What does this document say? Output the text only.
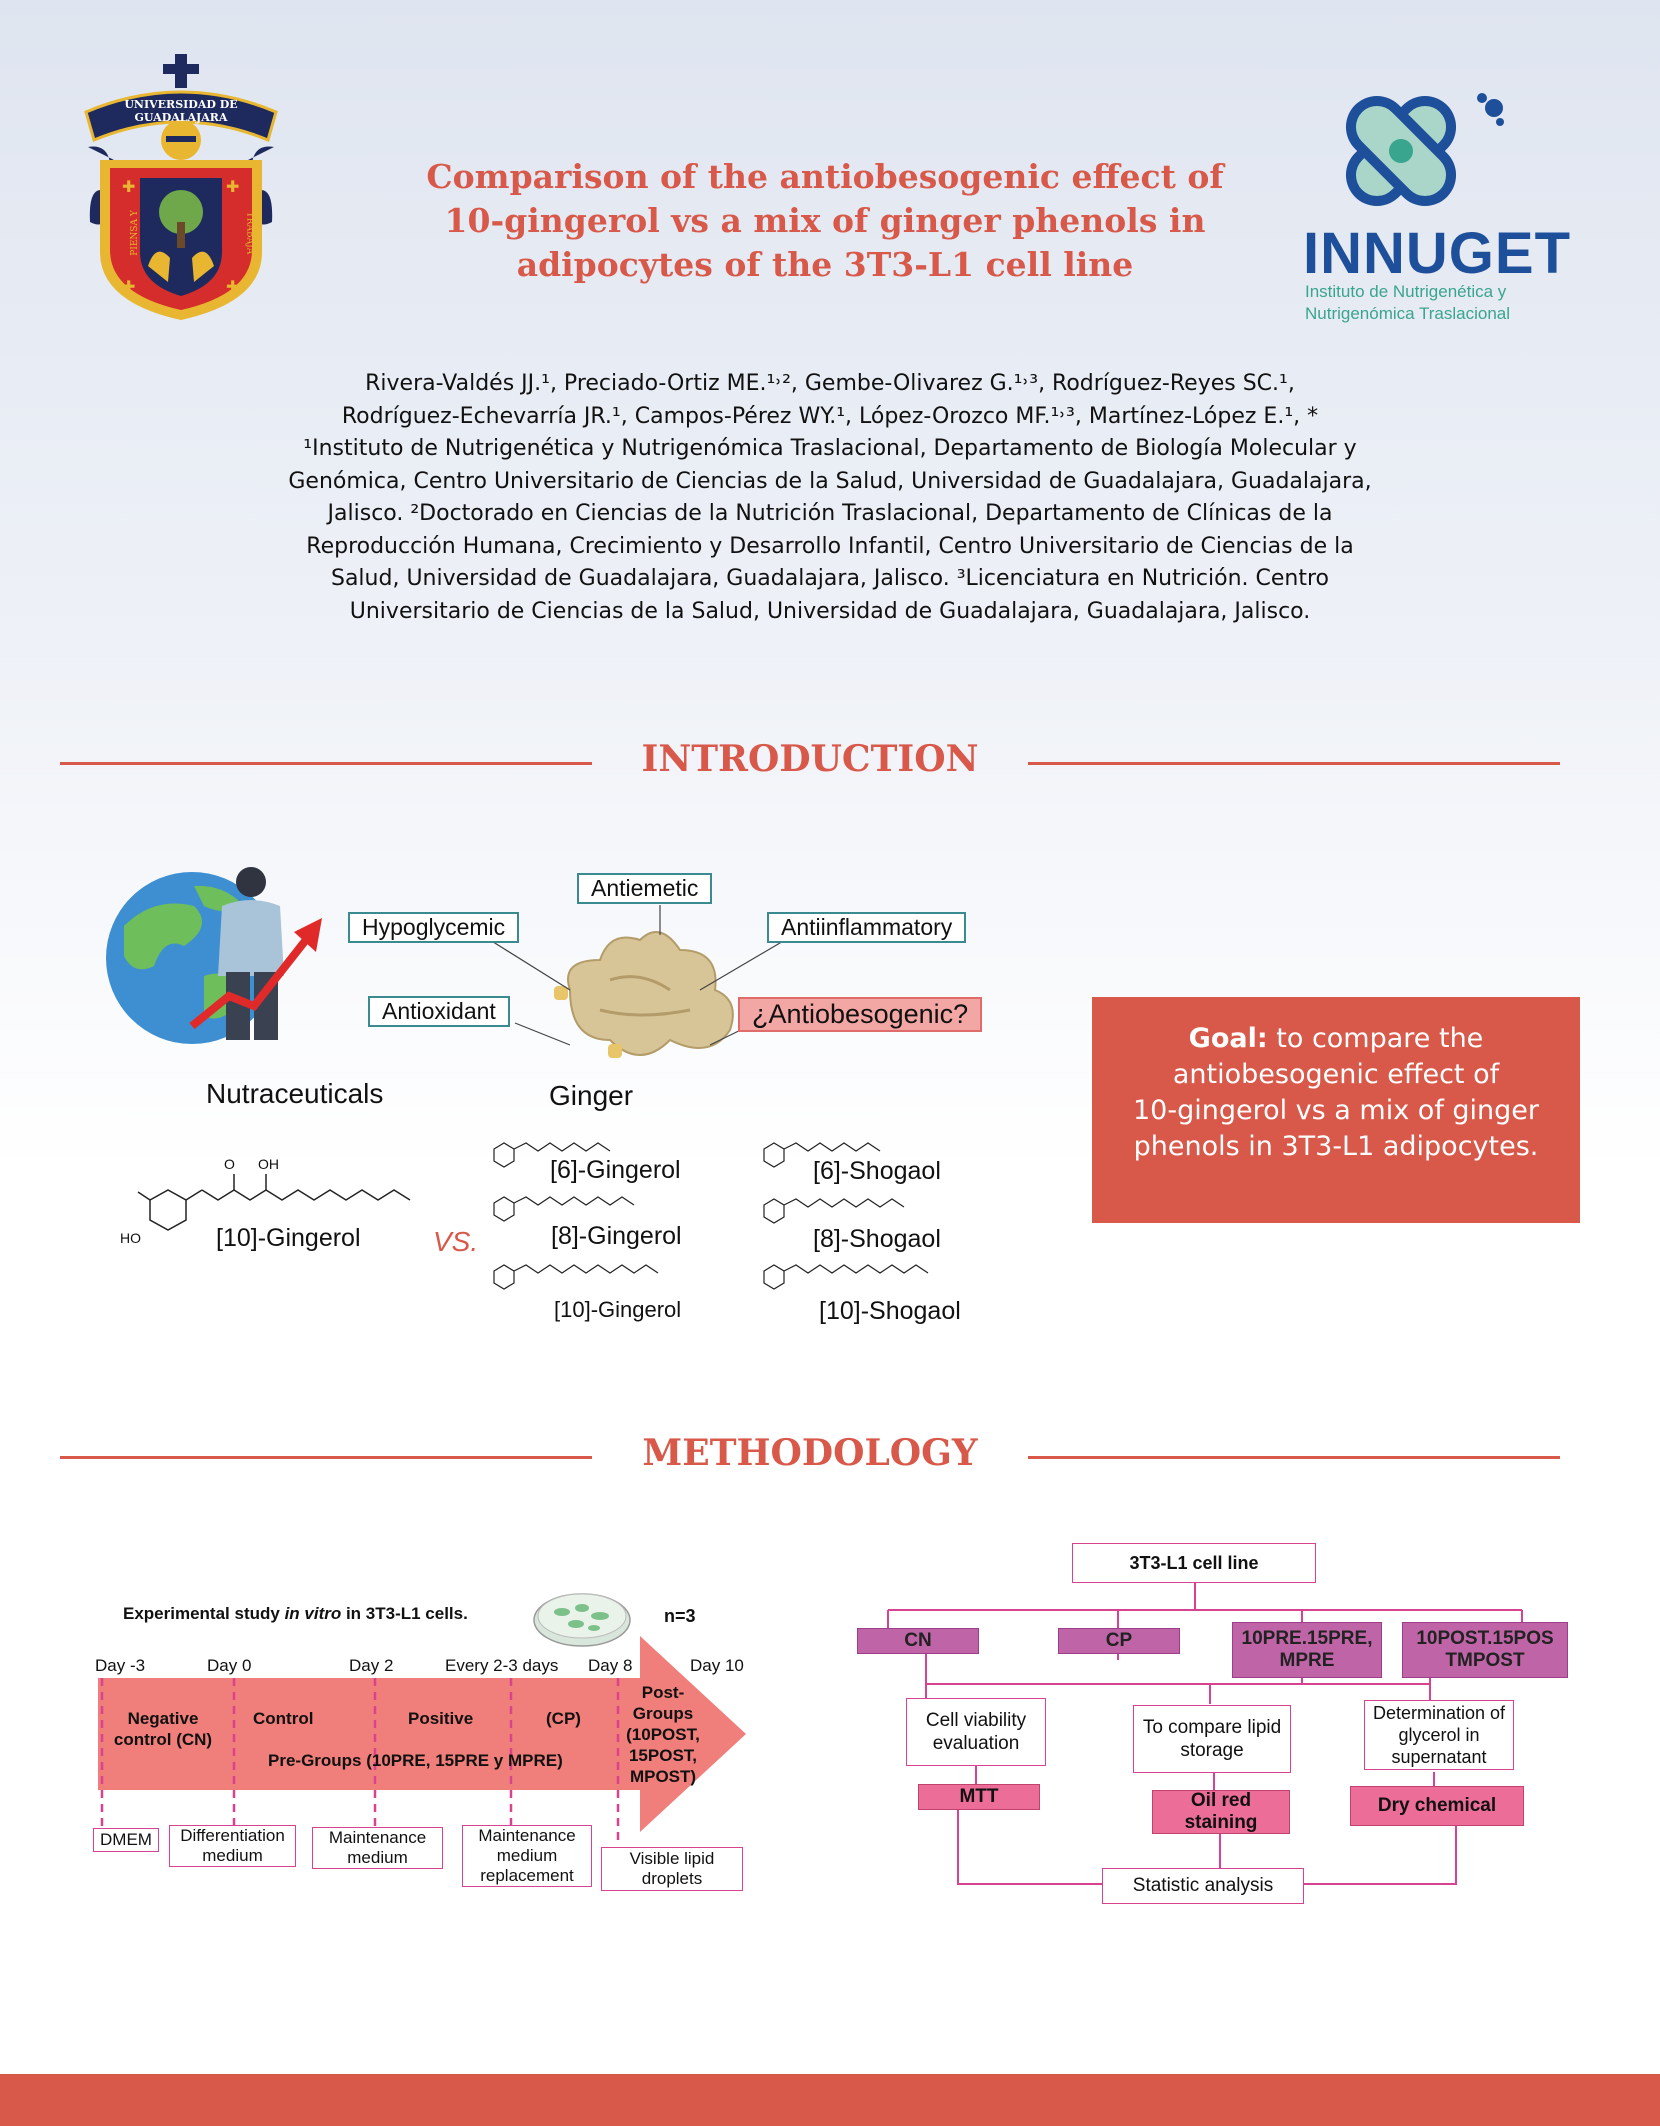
✚	✚
✚	✚
UNIVERSIDAD DE GUADALAJARA
PIENSA Y	TRABAJA
Comparison of the antiobesogenic effect of
10-gingerol vs a mix of ginger phenols in
adipocytes of the 3T3-L1 cell line	INNUGET
Instituto de Nutrigenética y
Nutrigenómica Traslacional
Rivera-Valdés JJ.¹, Preciado-Ortiz ME.¹˒², Gembe-Olivarez G.¹˒³, Rodríguez-Reyes SC.¹,
Rodríguez-Echevarría JR.¹, Campos-Pérez WY.¹, López-Orozco MF.¹˒³, Martínez-López E.¹, *
¹Instituto de Nutrigenética y Nutrigenómica Traslacional, Departamento de Biología Molecular y
Genómica, Centro Universitario de Ciencias de la Salud, Universidad de Guadalajara, Guadalajara,
Jalisco. ²Doctorado en Ciencias de la Nutrición Traslacional, Departamento de Clínicas de la
Reproducción Humana, Crecimiento y Desarrollo Infantil, Centro Universitario de Ciencias de la
Salud, Universidad de Guadalajara, Guadalajara, Jalisco. ³Licenciatura en Nutrición. Centro
Universitario de Ciencias de la Salud, Universidad de Guadalajara, Guadalajara, Jalisco.
INTRODUCTION
Antiemetic
Hypoglycemic	Antiinflammatory
Antioxidant	¿Antiobesogenic?
Nutraceuticals	Ginger
O OH
HO	[10]-Gingerol	VS.
[6]-Gingerol
[8]-Gingerol
[10]-Gingerol
[6]-Shogaol
[8]-Shogaol
[10]-Shogaol
Goal: to compare the
antiobesogenic effect of
10-gingerol vs a mix of ginger
phenols in 3T3-L1 adipocytes.
METHODOLOGY
Experimental study in vitro in 3T3-L1 cells.	n=3
Day -3	Day 0	Day 2	Every 2-3 days Day 8	Day 10
Negative control (CN)
Control	Positive	(CP)
Pre-Groups (10PRE, 15PRE y MPRE)
Post-Groups (10POST, 15POST, MPOST)
DMEM	Differentiation medium
Maintenance medium
Maintenance medium replacement
Visible lipid droplets
3T3-L1 cell line
CN	CP	10PRE.15PRE, MPRE
10POST.15POS TMPOST
Cell viability evaluation
To compare lipid storage
Determination of glycerol in supernatant
MTT	Oil red staining
Dry chemical
Statistic analysis
